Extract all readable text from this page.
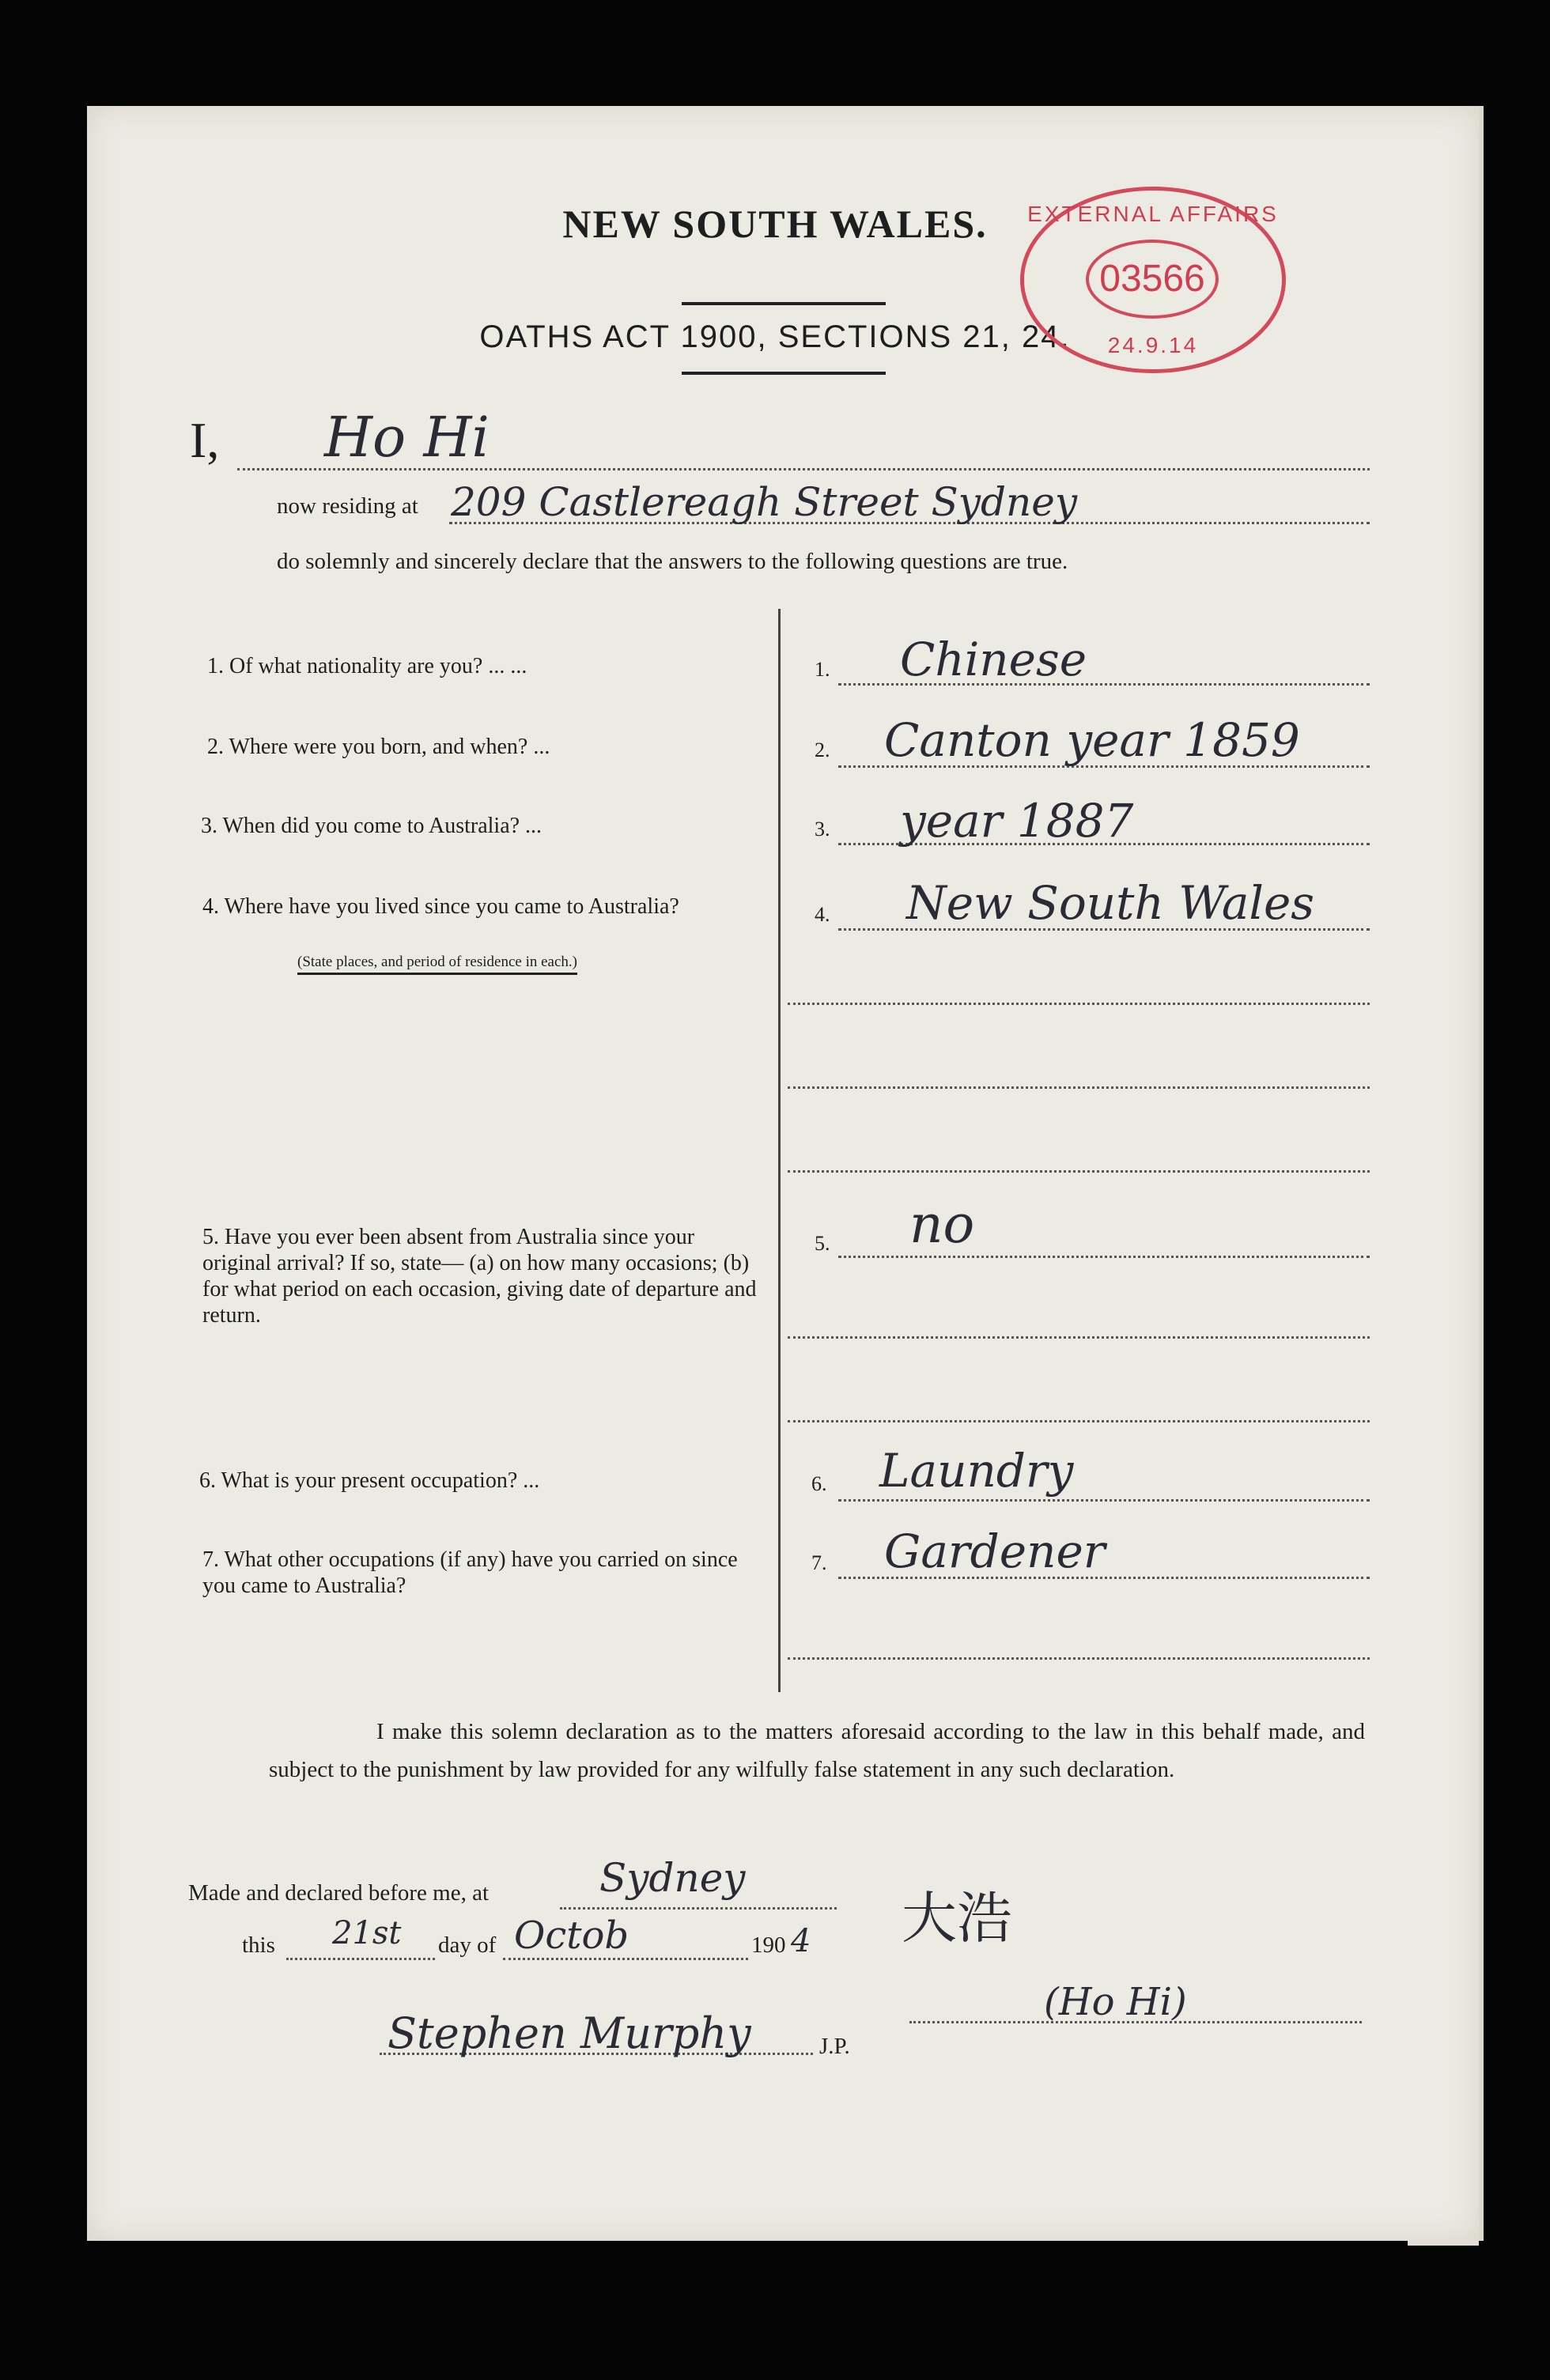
NEW SOUTH WALES.
OATHS ACT 1900, SECTIONS 21, 24.
EXTERNAL AFFAIRS
03566
24.9.14
I, Ho Hi
now residing at 209 Castlereagh Street Sydney
do solemnly and sincerely declare that the answers to the following questions are true.
1. Of what nationality are you? ... ...	1. Chinese
2. Where were you born, and when? ...	2. Canton year 1859
3. When did you come to Australia? ...	3. year 1887
4. Where have you lived since you came to Australia?
(State places, and period of residence in each.)
4. New South Wales
5. Have you ever been absent from Australia since your original arrival? If so, state— (a) on how many occasions; (b) for what period on each occasion, giving date of departure and return.
5. no
6. What is your present occupation? ...	6. Laundry
7. What other occupations (if any) have you carried on since you came to Australia?
7. Gardener
I make this solemn declaration as to the matters aforesaid according to the law in this behalf made, and subject to the punishment by law provided for any wilfully false statement in any such declaration.
Made and declared before me, at	Sydney
this 21st day of Octob	190 4
Stephen Murphy	J.P.
大浩
(Ho Hi)
